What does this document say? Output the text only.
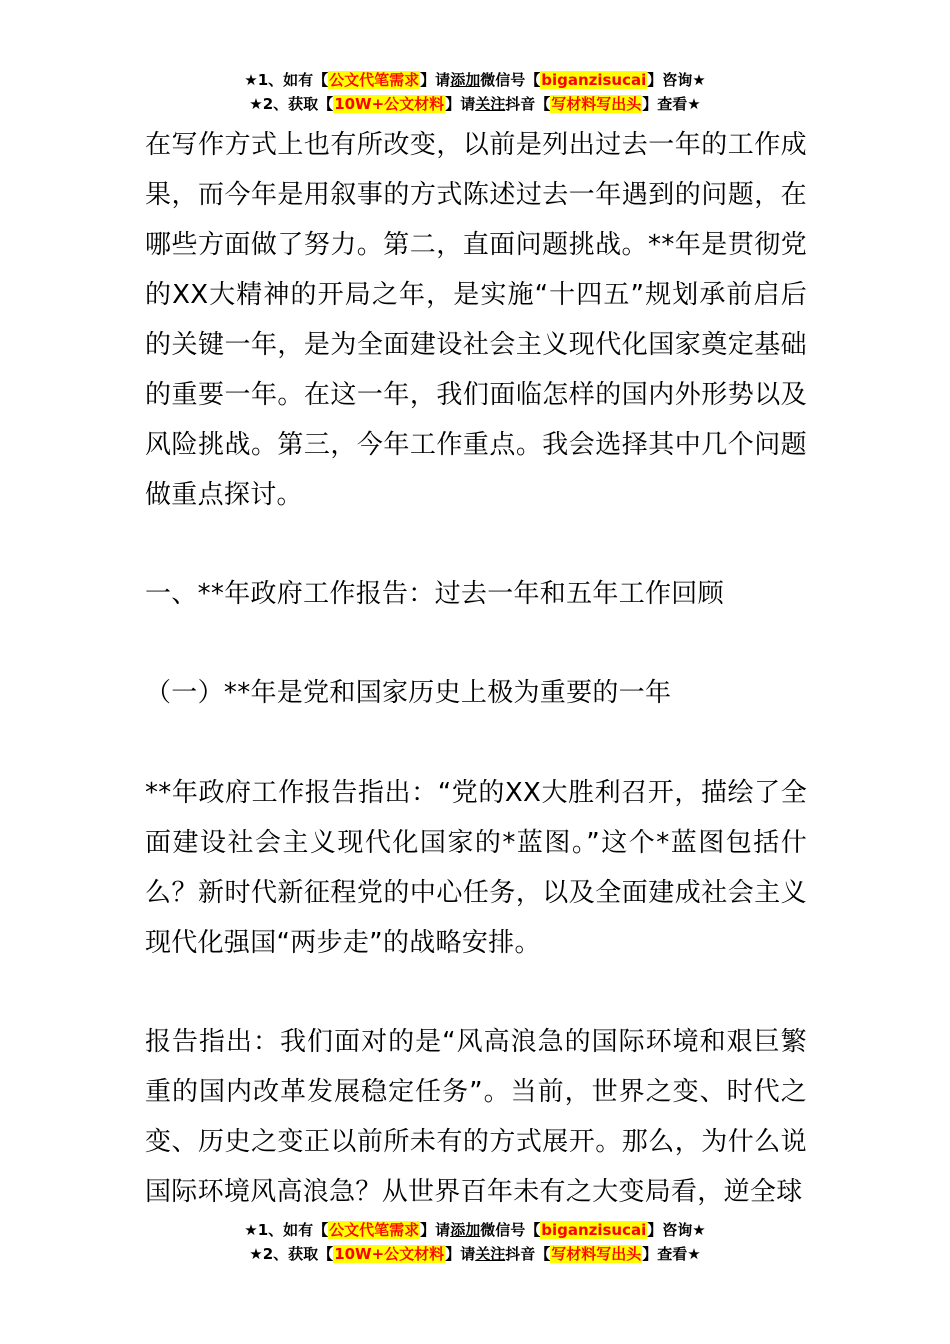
★1、如有【公文代笔需求】请添加微信号【biganzisucai】咨询★
★2、获取【10W+公文材料】请关注抖音【写材料写出头】查看★

在写作方式上也有所改变，以前是列出过去一年的工作成果，而今年是用叙事的方式陈述过去一年遇到的问题，在哪些方面做了努力。第二，直面问题挑战。**年是贯彻党的XX大精神的开局之年，是实施“十四五”规划承前启后的关键一年，是为全面建设社会主义现代化国家奠定基础的重要一年。在这一年，我们面临怎样的国内外形势以及风险挑战。第三，今年工作重点。我会选择其中几个问题做重点探讨。

一、**年政府工作报告：过去一年和五年工作回顾

（一）**年是党和国家历史上极为重要的一年

**年政府工作报告指出：“党的XX大胜利召开，描绘了全面建设社会主义现代化国家的*蓝图。”这个*蓝图包括什么？新时代新征程党的中心任务，以及全面建成社会主义现代化强国“两步走”的战略安排。

报告指出：我们面对的是“风高浪急的国际环境和艰巨繁重的国内改革发展稳定任务”。当前，世界之变、时代之变、历史之变正以前所未有的方式展开。那么，为什么说国际环境风高浪急？从世界百年未有之大变局看，逆全球

★1、如有【公文代笔需求】请添加微信号【biganzisucai】咨询★
★2、获取【10W+公文材料】请关注抖音【写材料写出头】查看★
